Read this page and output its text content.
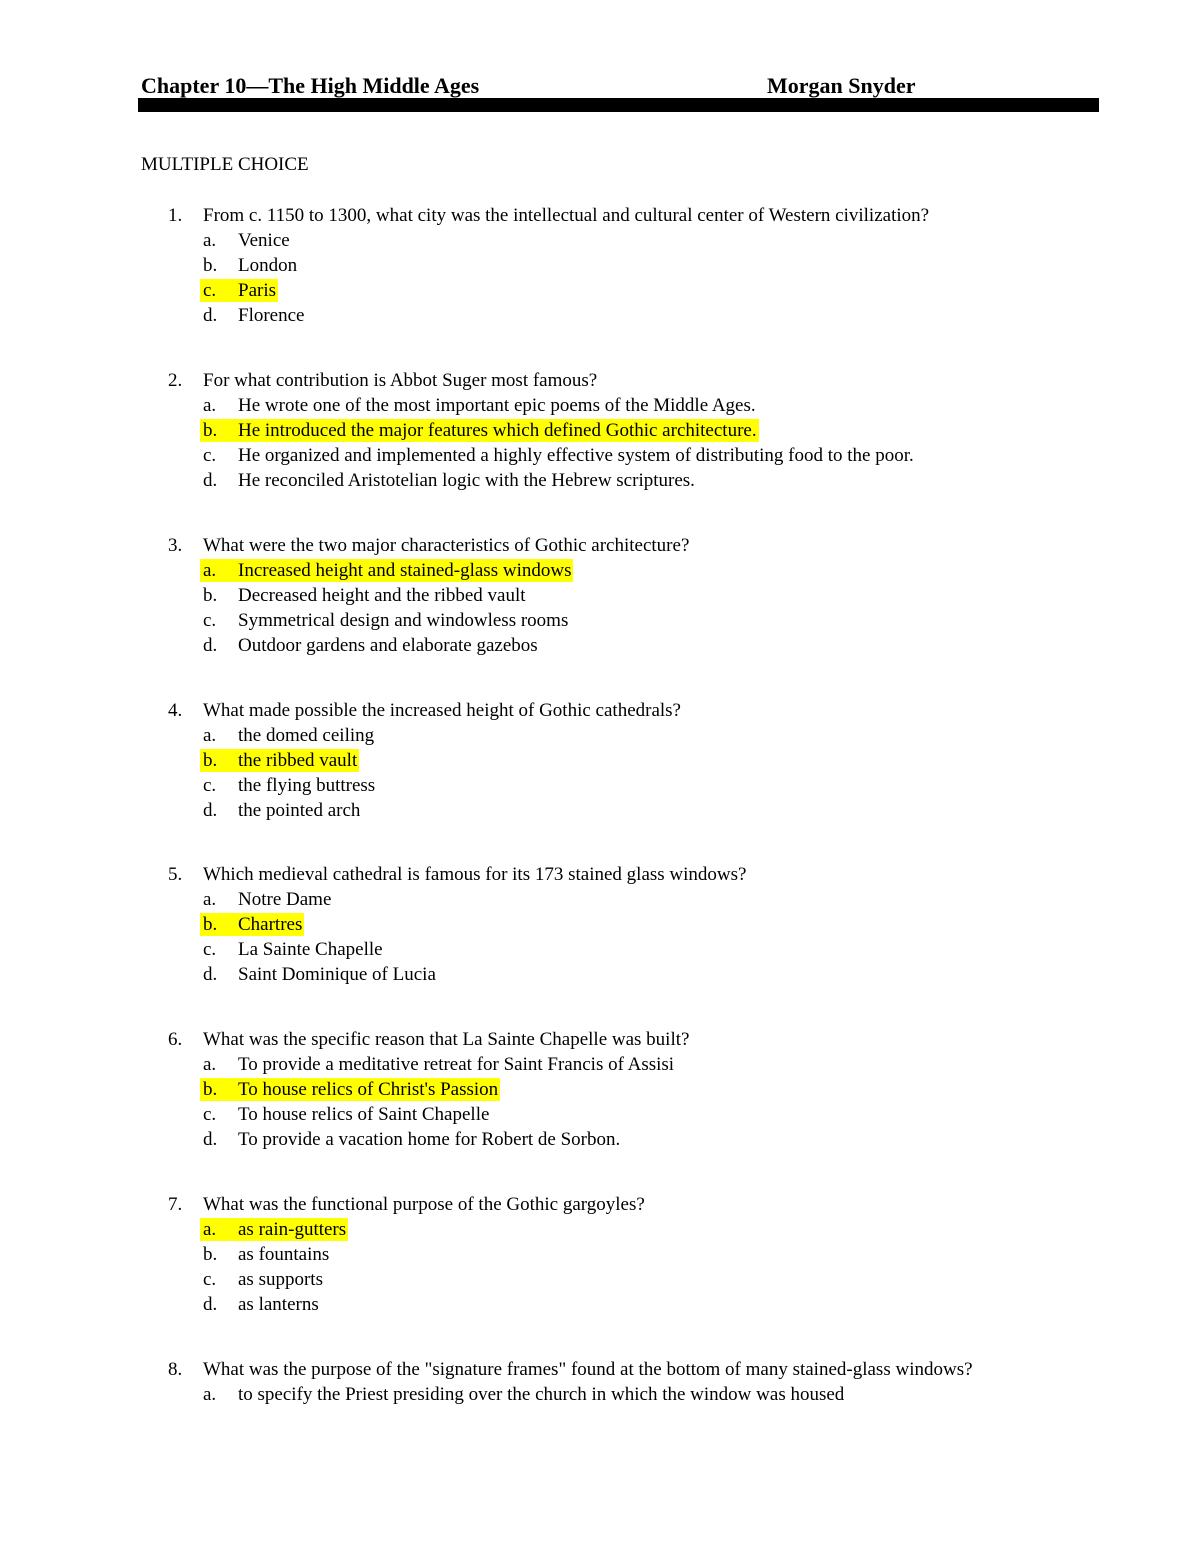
Chapter 10—The High Middle Ages	Morgan Snyder
MULTIPLE CHOICE
1. From c. 1150 to 1300, what city was the intellectual and cultural center of Western civilization?
a. Venice
b. London
c. Paris
d. Florence
2. For what contribution is Abbot Suger most famous?
a. He wrote one of the most important epic poems of the Middle Ages.
b. He introduced the major features which defined Gothic architecture.
c. He organized and implemented a highly effective system of distributing food to the poor.
d. He reconciled Aristotelian logic with the Hebrew scriptures.
3. What were the two major characteristics of Gothic architecture?
a. Increased height and stained-glass windows
b. Decreased height and the ribbed vault
c. Symmetrical design and windowless rooms
d. Outdoor gardens and elaborate gazebos
4. What made possible the increased height of Gothic cathedrals?
a. the domed ceiling
b. the ribbed vault
c. the flying buttress
d. the pointed arch
5. Which medieval cathedral is famous for its 173 stained glass windows?
a. Notre Dame
b. Chartres
c. La Sainte Chapelle
d. Saint Dominique of Lucia
6. What was the specific reason that La Sainte Chapelle was built?
a. To provide a meditative retreat for Saint Francis of Assisi
b. To house relics of Christ's Passion
c. To house relics of Saint Chapelle
d. To provide a vacation home for Robert de Sorbon.
7. What was the functional purpose of the Gothic gargoyles?
a. as rain-gutters
b. as fountains
c. as supports
d. as lanterns
8. What was the purpose of the "signature frames" found at the bottom of many stained-glass windows?
a. to specify the Priest presiding over the church in which the window was housed
